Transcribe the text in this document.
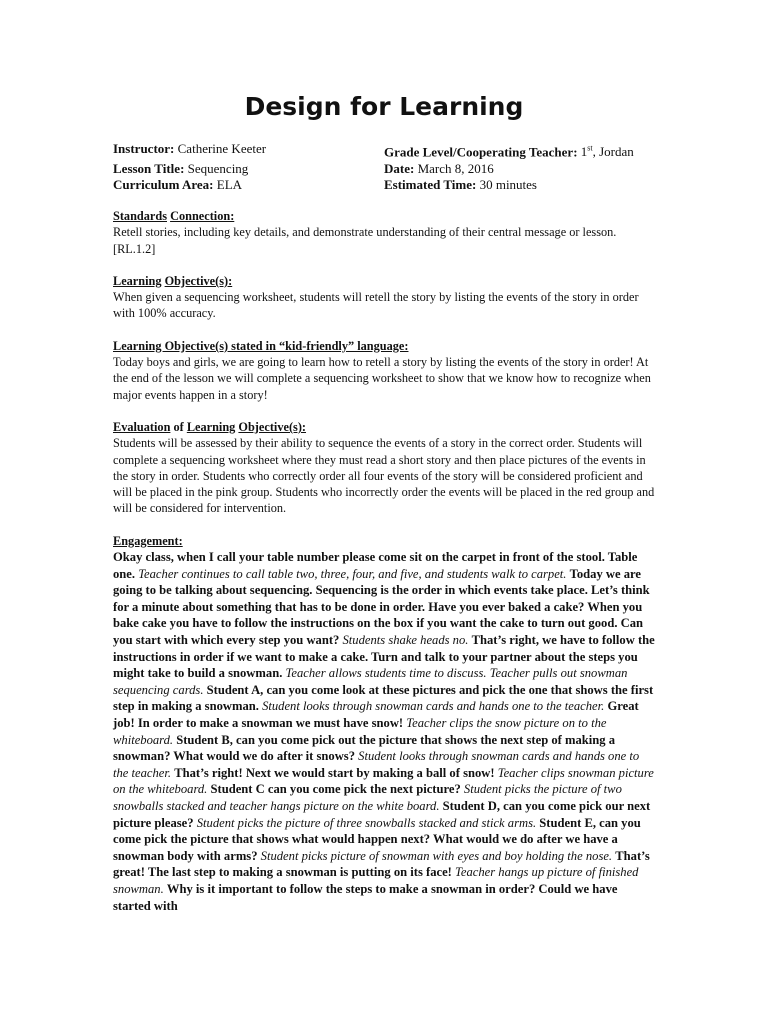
Design for Learning
Instructor: Catherine Keeter	Grade Level/Cooperating Teacher: 1st, Jordan
Lesson Title: Sequencing	Date: March 8, 2016
Curriculum Area: ELA	Estimated Time: 30 minutes
Standards Connection:

Retell stories, including key details, and demonstrate understanding of their central message or lesson. [RL.1.2]

Learning Objective(s):

When given a sequencing worksheet, students will retell the story by listing the events of the story in order with 100% accuracy.

Learning Objective(s) stated in “kid-friendly” language:

Today boys and girls, we are going to learn how to retell a story by listing the events of the story in order! At the end of the lesson we will complete a sequencing worksheet to show that we know how to recognize when major events happen in a story!

Evaluation of Learning Objective(s):

Students will be assessed by their ability to sequence the events of a story in the correct order. Students will complete a sequencing worksheet where they must read a short story and then place pictures of the events in the story in order. Students who correctly order all four events of the story will be considered proficient and will be placed in the pink group. Students who incorrectly order the events will be placed in the red group and will be considered for intervention.

Engagement:

Okay class, when I call your table number please come sit on the carpet in front of the stool. Table one. Teacher continues to call table two, three, four, and five, and students walk to carpet. Today we are going to be talking about sequencing. Sequencing is the order in which events take place. Let’s think for a minute about something that has to be done in order. Have you ever baked a cake? When you bake cake you have to follow the instructions on the box if you want the cake to turn out good. Can you start with which every step you want? Students shake heads no. That’s right, we have to follow the instructions in order if we want to make a cake. Turn and talk to your partner about the steps you might take to build a snowman. Teacher allows students time to discuss. Teacher pulls out snowman sequencing cards. Student A, can you come look at these pictures and pick the one that shows the first step in making a snowman. Student looks through snowman cards and hands one to the teacher. Great job! In order to make a snowman we must have snow! Teacher clips the snow picture on to the whiteboard. Student B, can you come pick out the picture that shows the next step of making a snowman? What would we do after it snows? Student looks through snowman cards and hands one to the teacher. That’s right! Next we would start by making a ball of snow! Teacher clips snowman picture on the whiteboard. Student C can you come pick the next picture? Student picks the picture of two snowballs stacked and teacher hangs picture on the white board. Student D, can you come pick our next picture please? Student picks the picture of three snowballs stacked and stick arms. Student E, can you come pick the picture that shows what would happen next? What would we do after we have a snowman body with arms? Student picks picture of snowman with eyes and boy holding the nose. That’s great! The last step to making a snowman is putting on its face! Teacher hangs up picture of finished snowman. Why is it important to follow the steps to make a snowman in order? Could we have started with
